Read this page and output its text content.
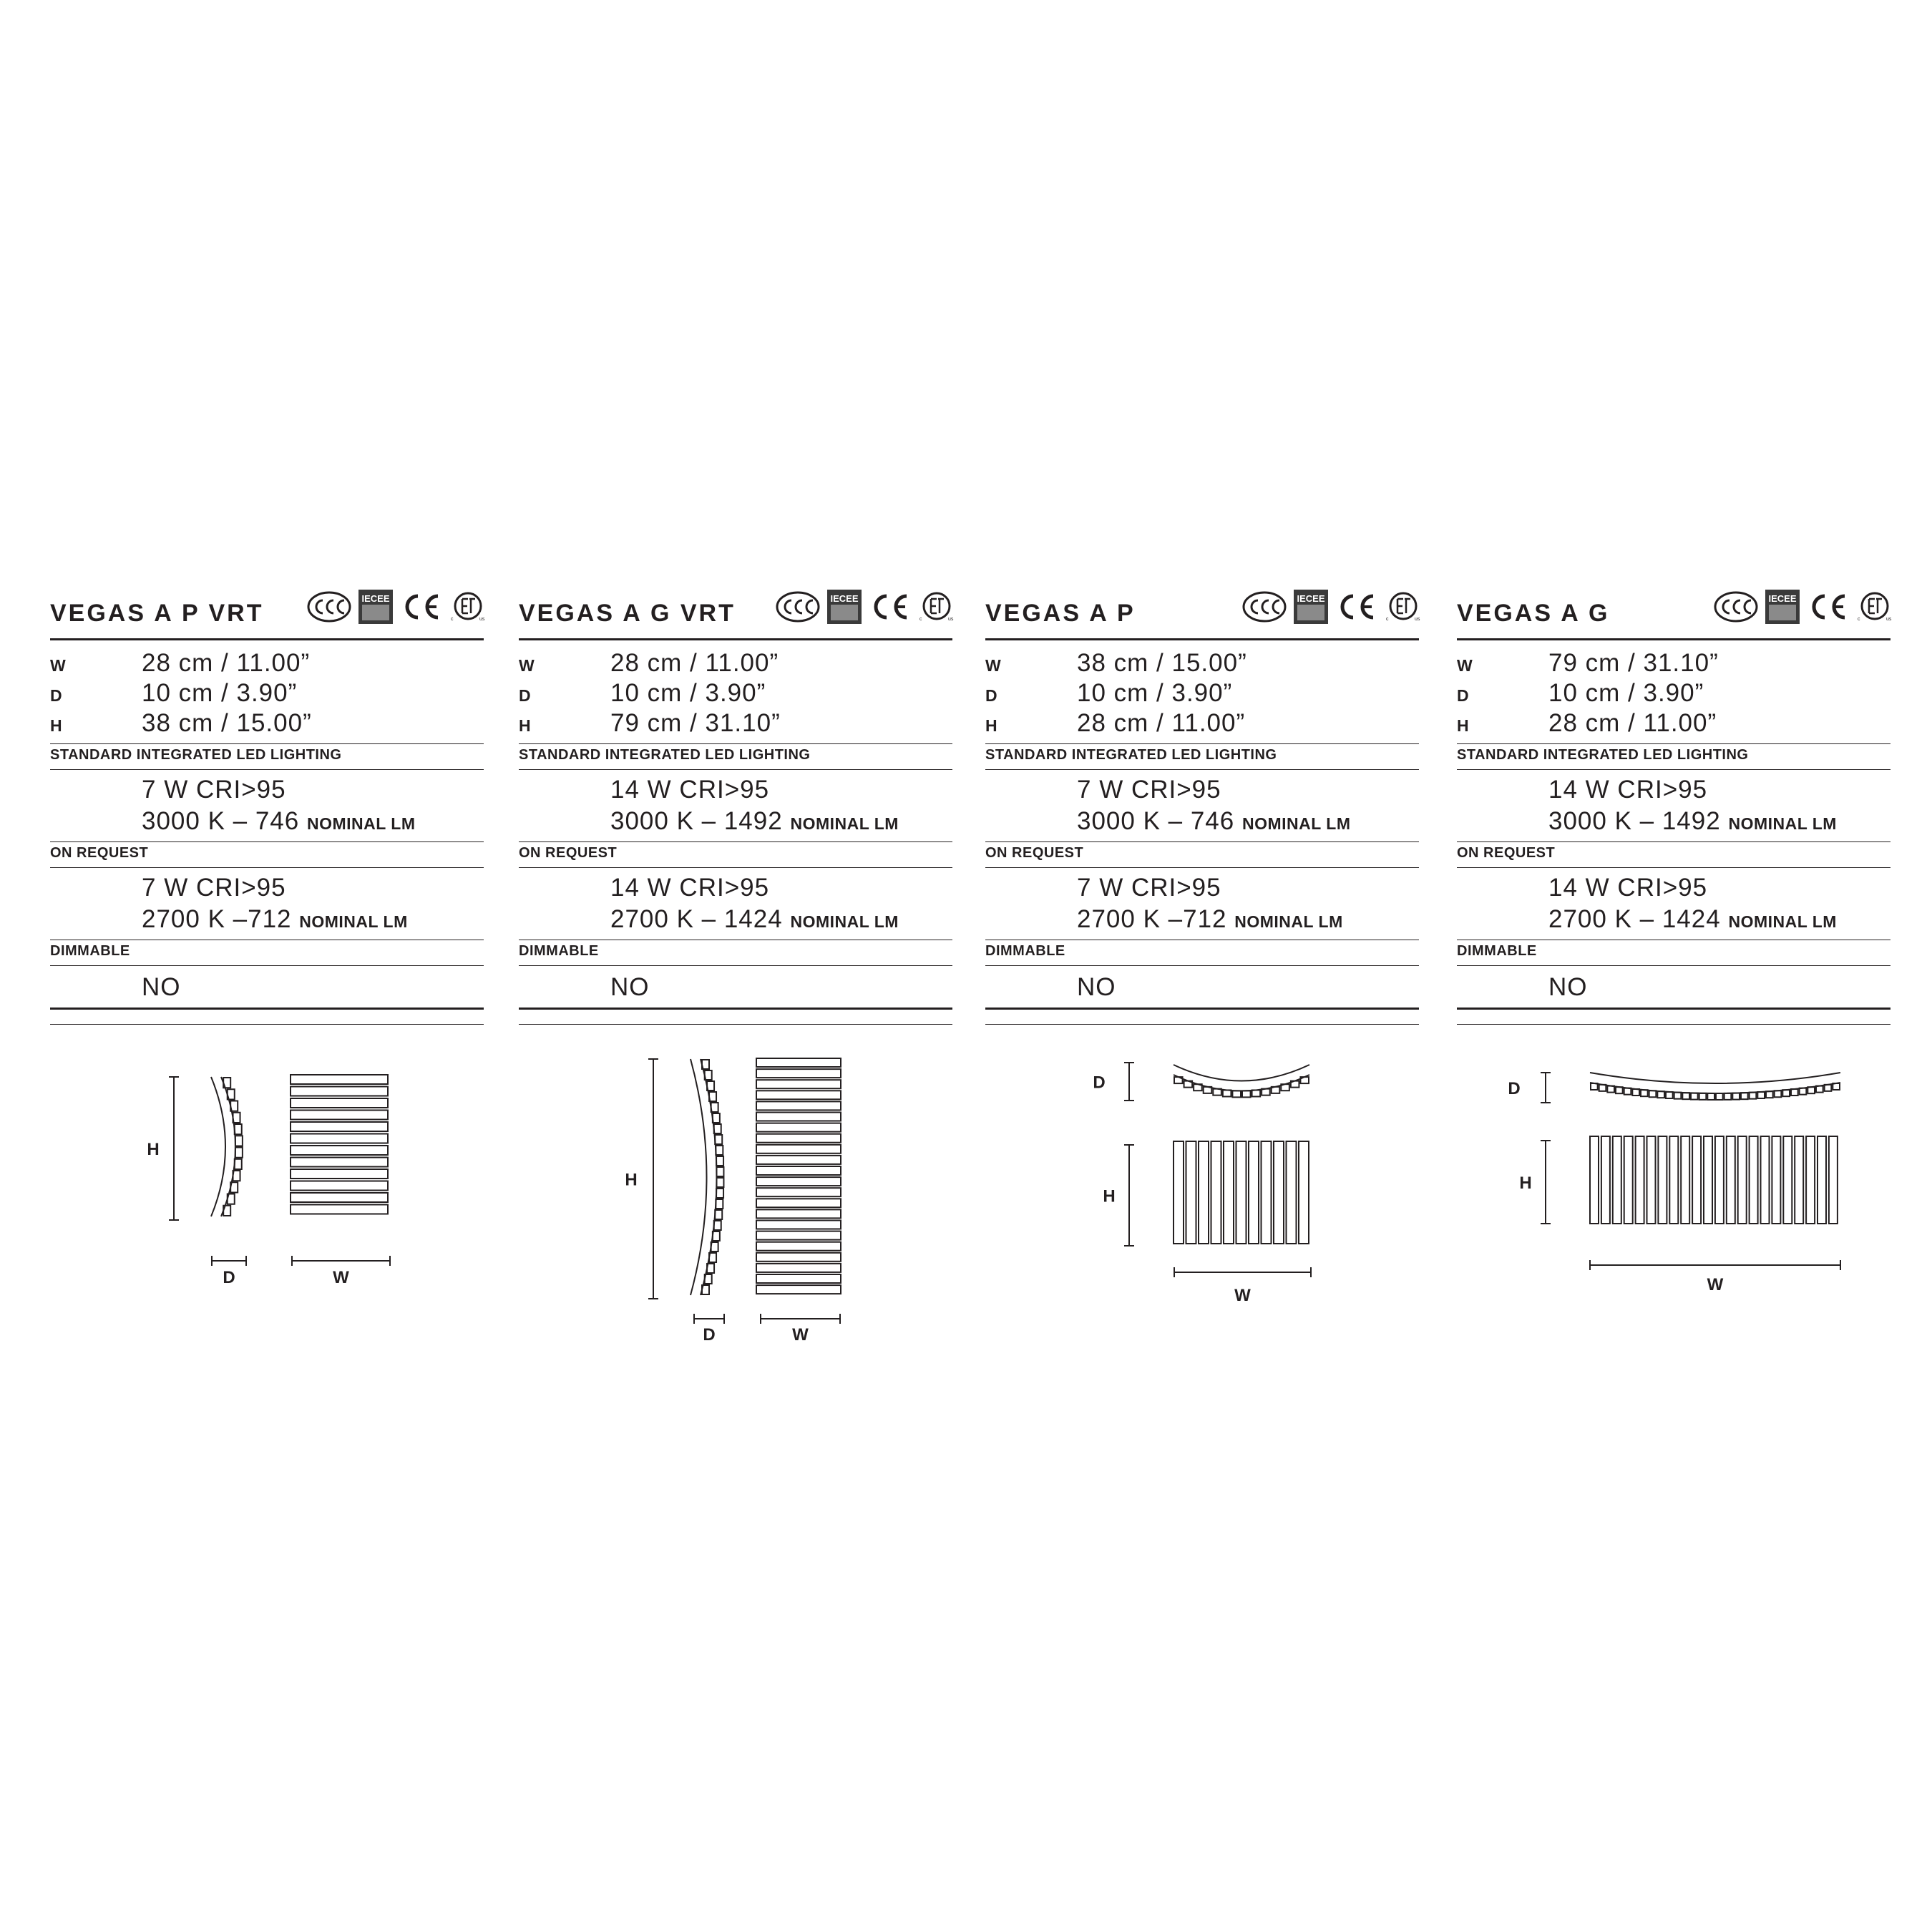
VEGAS A P VRT
IECEE
c	us
W	28 cm / 11.00”
D	10 cm / 3.90”
H	38 cm / 15.00”
STANDARD INTEGRATED LED LIGHTING
7 W CRI>95
3000 K – 746 NOMINAL LM
ON REQUEST
7 W CRI>95
2700 K –712 NOMINAL LM
DIMMABLE
NO
VEGAS A G VRT
IECEE
c	us
W	28 cm / 11.00”
D	10 cm / 3.90”
H	79 cm / 31.10”
STANDARD INTEGRATED LED LIGHTING
14 W CRI>95
3000 K – 1492 NOMINAL LM
ON REQUEST
14 W CRI>95
2700 K – 1424 NOMINAL LM
DIMMABLE
NO
VEGAS A P
IECEE
c	us
W	38 cm / 15.00”
D	10 cm / 3.90”
H	28 cm / 11.00”
STANDARD INTEGRATED LED LIGHTING
7 W CRI>95
3000 K – 746 NOMINAL LM
ON REQUEST
7 W CRI>95
2700 K –712 NOMINAL LM
DIMMABLE
NO
VEGAS A G
IECEE
c	us
W	79 cm / 31.10”
D	10 cm / 3.90”
H	28 cm / 11.00”
STANDARD INTEGRATED LED LIGHTING
14 W CRI>95
3000 K – 1492 NOMINAL LM
ON REQUEST
14 W CRI>95
2700 K – 1424 NOMINAL LM
DIMMABLE
NO
H
D	W
H
D	W
D
H
W
D
H
W
